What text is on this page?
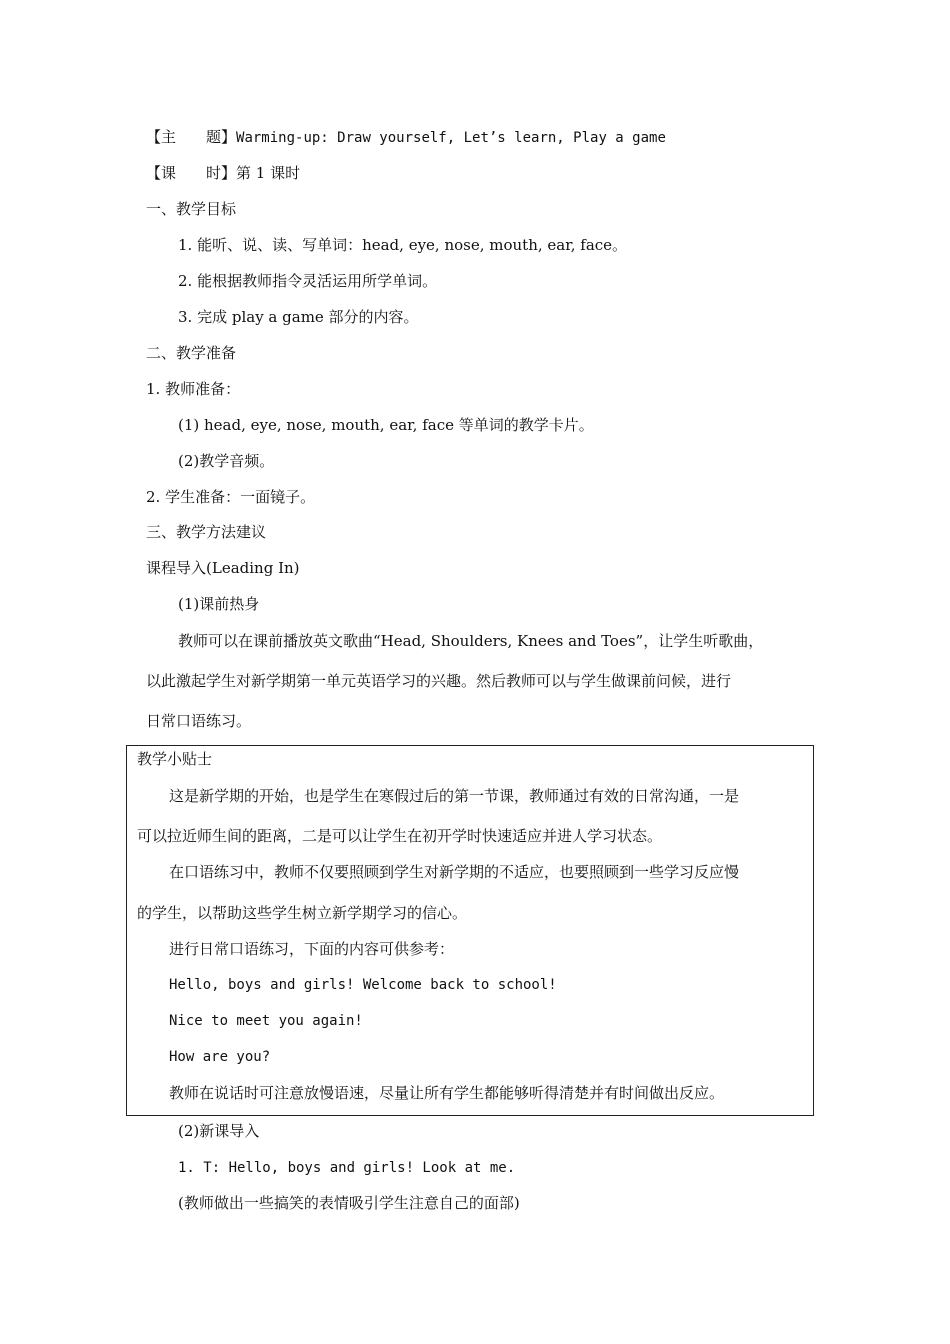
【主　　题】Warming-up: Draw yourself, Let’s learn, Play a game
【课　　时】第 1 课时
一、教学目标
1. 能听、说、读、写单词：head, eye, nose, mouth, ear, face。
2. 能根据教师指令灵活运用所学单词。
3. 完成 play a game 部分的内容。
二、教学准备
1. 教师准备：
(1) head, eye, nose, mouth, ear, face 等单词的教学卡片。
(2)教学音频。
2. 学生准备：一面镜子。
三、教学方法建议
课程导入(Leading In)
(1)课前热身
教师可以在课前播放英文歌曲“Head, Shoulders, Knees and Toes”，让学生听歌曲，
以此激起学生对新学期第一单元英语学习的兴趣。然后教师可以与学生做课前问候，进行
日常口语练习。
教学小贴士
这是新学期的开始，也是学生在寒假过后的第一节课，教师通过有效的日常沟通，一是
可以拉近师生间的距离，二是可以让学生在初开学时快速适应并进人学习状态。
在口语练习中，教师不仅要照顾到学生对新学期的不适应，也要照顾到一些学习反应慢
的学生，以帮助这些学生树立新学期学习的信心。
进行日常口语练习，下面的内容可供参考：
Hello, boys and girls! Welcome back to school!
Nice to meet you again!
How are you?
教师在说话时可注意放慢语速，尽量让所有学生都能够听得清楚并有时间做出反应。
(2)新课导入
1. T: Hello, boys and girls! Look at me.
(教师做出一些搞笑的表情吸引学生注意自己的面部)
